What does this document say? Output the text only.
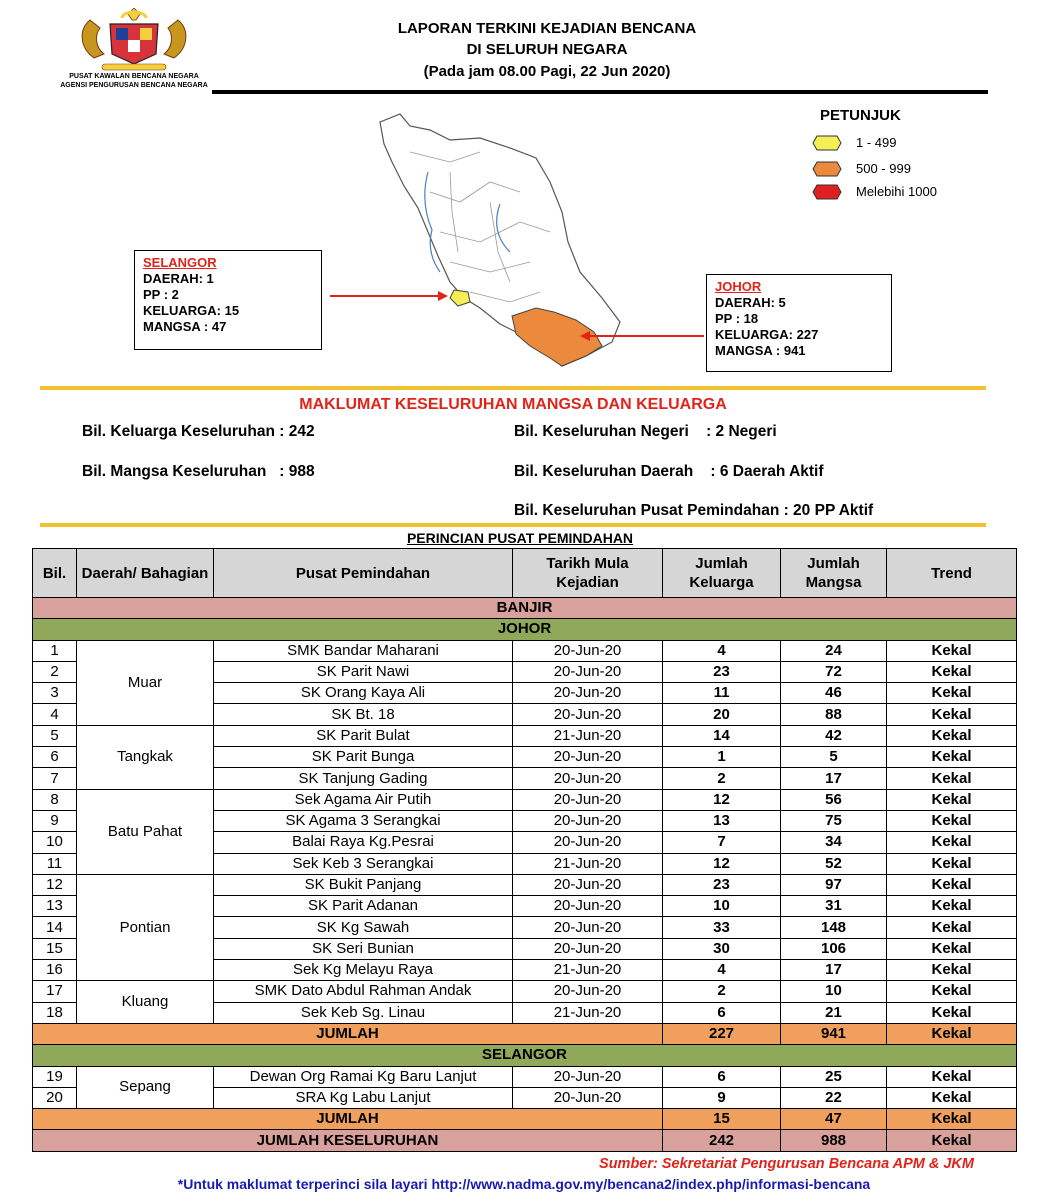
PUSAT KAWALAN BENCANA NEGARA
AGENSI PENGURUSAN BENCANA NEGARA
LAPORAN TERKINI KEJADIAN BENCANA
DI SELURUH NEGARA
(Pada jam 08.00 Pagi, 22 Jun 2020)
PETUNJUK
1 - 499
500 - 999
Melebihi 1000
SELANGOR
DAERAH: 1
PP : 2
KELUARGA: 15
MANGSA : 47
JOHOR
DAERAH: 5
PP : 18
KELUARGA: 227
MANGSA : 941
MAKLUMAT KESELURUHAN MANGSA DAN KELUARGA
Bil. Keluarga Keseluruhan : 242
Bil. Mangsa Keseluruhan   : 988
Bil. Keseluruhan Negeri    : 2 Negeri
Bil. Keseluruhan Daerah    : 6 Daerah Aktif
Bil. Keseluruhan Pusat Pemindahan : 20 PP Aktif
PERINCIAN PUSAT PEMINDAHAN
Bil.	Daerah/ Bahagian	Pusat Pemindahan	Tarikh Mula Kejadian	Jumlah Keluarga	Jumlah Mangsa	Trend
BANJIR						
JOHOR						
1	Muar	SMK Bandar Maharani	20-Jun-20	4	24	Kekal
2		SK Parit Nawi	20-Jun-20	23	72	Kekal
3		SK Orang Kaya Ali	20-Jun-20	11	46	Kekal
4		SK Bt. 18	20-Jun-20	20	88	Kekal
5	Tangkak	SK Parit Bulat	21-Jun-20	14	42	Kekal
6		SK Parit Bunga	20-Jun-20	1	5	Kekal
7		SK Tanjung Gading	20-Jun-20	2	17	Kekal
8	Batu Pahat	Sek Agama Air Putih	20-Jun-20	12	56	Kekal
9		SK Agama 3 Serangkai	20-Jun-20	13	75	Kekal
10		Balai Raya Kg.Pesrai	20-Jun-20	7	34	Kekal
11		Sek Keb 3 Serangkai	21-Jun-20	12	52	Kekal
12	Pontian	SK Bukit Panjang	20-Jun-20	23	97	Kekal
13		SK Parit Adanan	20-Jun-20	10	31	Kekal
14		SK Kg Sawah	20-Jun-20	33	148	Kekal
15		SK Seri Bunian	20-Jun-20	30	106	Kekal
16		Sek Kg Melayu Raya	21-Jun-20	4	17	Kekal
17	Kluang	SMK Dato Abdul Rahman Andak	20-Jun-20	2	10	Kekal
18		Sek Keb Sg. Linau	21-Jun-20	6	21	Kekal
JUMLAH				227	941	Kekal
SELANGOR						
19	Sepang	Dewan Org Ramai Kg Baru Lanjut	20-Jun-20	6	25	Kekal
20		SRA Kg Labu Lanjut	20-Jun-20	9	22	Kekal
JUMLAH				15	47	Kekal
JUMLAH KESELURUHAN				242	988	Kekal
Sumber: Sekretariat Pengurusan Bencana APM & JKM
*Untuk maklumat terperinci sila layari http://www.nadma.gov.my/bencana2/index.php/informasi-bencana
